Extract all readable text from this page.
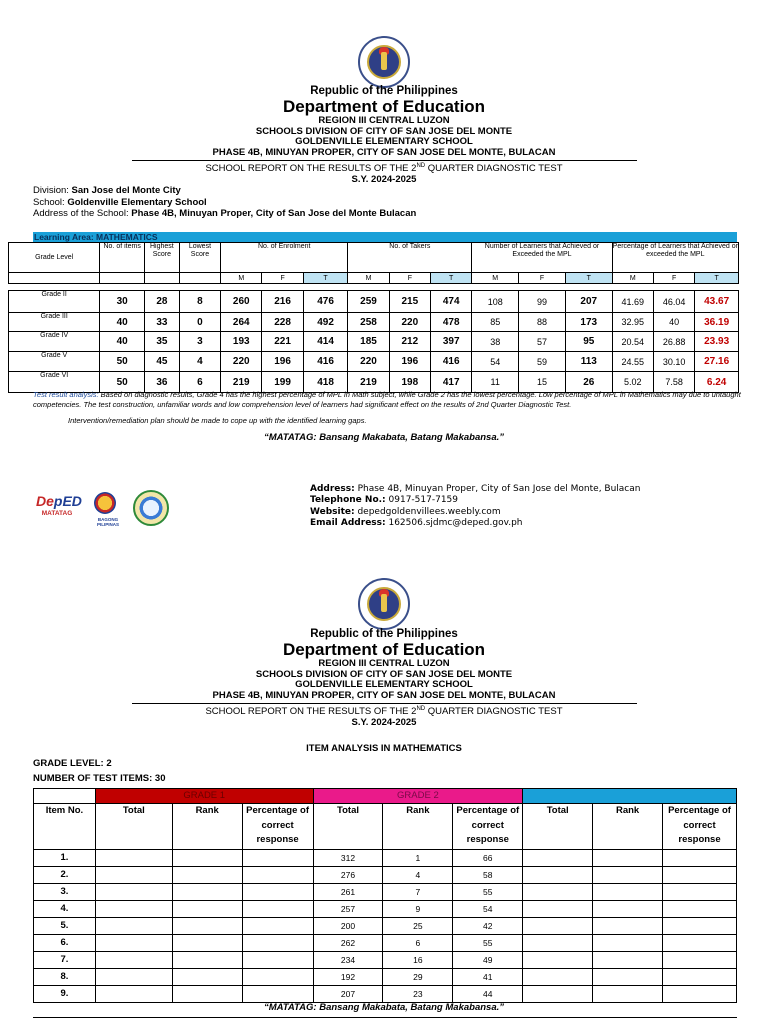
Republic of the Philippines
Department of Education
REGION III CENTRAL LUZON
SCHOOLS DIVISION OF CITY OF SAN JOSE DEL MONTE
GOLDENVILLE ELEMENTARY SCHOOL
PHASE 4B, MINUYAN PROPER, CITY OF SAN JOSE DEL MONTE, BULACAN
SCHOOL REPORT ON THE RESULTS OF THE 2ND QUARTER DIAGNOSTIC TEST
S.Y. 2024-2025
Division: San Jose del Monte City
School: Goldenville Elementary School
Address of the School: Phase 4B, Minuyan Proper, City of San Jose del Monte Bulacan
Learning Area: MATHEMATICS
Grade Level	No. of items	Highest Score	Lowest Score	No. of Enrolment			No. of Takers			Number of Learners that Achieved or Exceeded the MPL			Percentage of Learners that Achieved or exceeded the MPL		

				M	F	T	M	F	T	M	F	T	M	F	T

Grade II	30	28	8	260	216	476	259	215	474	108	99	207	41.69	46.04	43.67
Grade III	40	33	0	264	228	492	258	220	478	85	88	173	32.95	40	36.19
Grade IV	40	35	3	193	221	414	185	212	397	38	57	95	20.54	26.88	23.93
Grade V	50	45	4	220	196	416	220	196	416	54	59	113	24.55	30.10	27.16
Grade VI	50	36	6	219	199	418	219	198	417	11	15	26	5.02	7.58	6.24
Test result analysis: Based on diagnostic results, Grade 4 has the highest percentage of MPL in Math subject, while Grade 2 has the lowest percentage. Low percentage of MPL in Mathematics may due to untaught competencies. The test construction, unfamiliar words and low comprehension level of learners had significant effect on the results of 2nd Quarter Diagnostic Test.
Intervention/remediation plan should be made to cope up with the identified learning gaps.
“MATATAG: Bansang Makabata, Batang Makabansa.”
DepED
MATATAG
BAGONG PILIPINAS
Address: Phase 4B, Minuyan Proper, City of San Jose del Monte, Bulacan
Telephone No.: 0917-517-7159
Website: depedgoldenvillees.weebly.com
Email Address: 162506.sjdmc@deped.gov.ph
Republic of the Philippines
Department of Education
REGION III CENTRAL LUZON
SCHOOLS DIVISION OF CITY OF SAN JOSE DEL MONTE
GOLDENVILLE ELEMENTARY SCHOOL
PHASE 4B, MINUYAN PROPER, CITY OF SAN JOSE DEL MONTE, BULACAN
SCHOOL REPORT ON THE RESULTS OF THE 2ND QUARTER DIAGNOSTIC TEST
S.Y. 2024-2025
ITEM ANALYSIS IN MATHEMATICS
GRADE LEVEL: 2
NUMBER OF TEST ITEMS: 30
	GRADE 1			GRADE 2					
Item No.	Total	Rank	Percentage of correct response	Total	Rank	Percentage of correct response	Total	Rank	Percentage of correct response
1.				312	1	66			
2.				276	4	58			
3.				261	7	55			
4.				257	9	54			
5.				200	25	42			
6.				262	6	55			
7.				234	16	49			
8.				192	29	41			
9.				207	23	44			
“MATATAG: Bansang Makabata, Batang Makabansa.”
